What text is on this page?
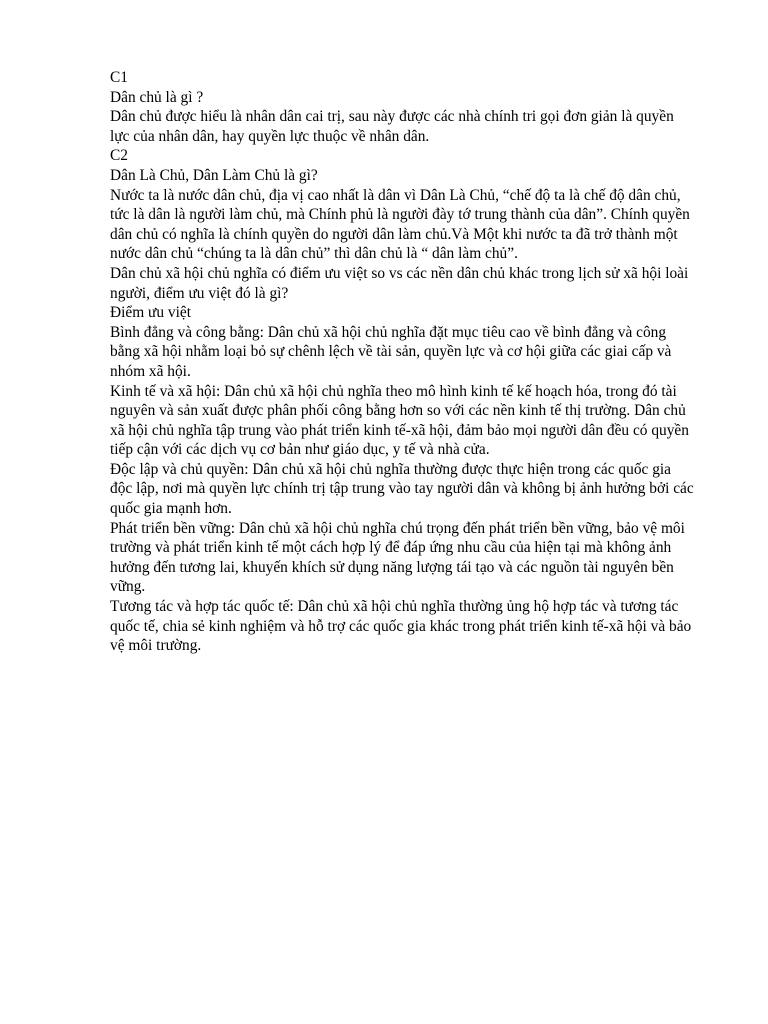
C1

Dân chủ là gì ?

Dân chủ được hiểu là nhân dân cai trị, sau này được các nhà chính tri gọi đơn giản là quyền lực của nhân dân, hay quyền lực thuộc về nhân dân.

C2

Dân Là Chủ, Dân Làm Chủ là gì?

Nước ta là nước dân chủ, địa vị cao nhất là dân vì Dân Là Chủ, “chế độ ta là chế độ dân chủ, tức là dân là người làm chủ, mà Chính phủ là người đày tớ trung thành của dân”. Chính quyền dân chủ có nghĩa là chính quyền do người dân làm chủ.Và Một khi nước ta đã trở thành một nước dân chủ “chúng ta là dân chủ” thì dân chủ là “ dân làm chủ”.

Dân chủ xã hội chủ nghĩa có điểm ưu việt so vs các nền dân chủ khác trong lịch sử xã hội loài người, điểm ưu việt đó là gì?

Điểm ưu việt

Bình đẳng và công bằng: Dân chủ xã hội chủ nghĩa đặt mục tiêu cao về bình đẳng và công bằng xã hội nhằm loại bỏ sự chênh lệch về tài sản, quyền lực và cơ hội giữa các giai cấp và nhóm xã hội.

Kinh tế và xã hội: Dân chủ xã hội chủ nghĩa theo mô hình kinh tế kế hoạch hóa, trong đó tài nguyên và sản xuất được phân phối công bằng hơn so với các nền kinh tế thị trường. Dân chủ xã hội chủ nghĩa tập trung vào phát triển kinh tế-xã hội, đảm bảo mọi người dân đều có quyền tiếp cận với các dịch vụ cơ bản như giáo dục, y tế và nhà cửa.

Độc lập và chủ quyền: Dân chủ xã hội chủ nghĩa thường được thực hiện trong các quốc gia độc lập, nơi mà quyền lực chính trị tập trung vào tay người dân và không bị ảnh hưởng bởi các quốc gia mạnh hơn.

Phát triển bền vững: Dân chủ xã hội chủ nghĩa chú trọng đến phát triển bền vững, bảo vệ môi trường và phát triển kinh tế một cách hợp lý để đáp ứng nhu cầu của hiện tại mà không ảnh hưởng đến tương lai, khuyến khích sử dụng năng lượng tái tạo và các nguồn tài nguyên bền vững.

Tương tác và hợp tác quốc tế: Dân chủ xã hội chủ nghĩa thường ủng hộ hợp tác và tương tác quốc tế, chia sẻ kinh nghiệm và hỗ trợ các quốc gia khác trong phát triển kinh tế-xã hội và bảo vệ môi trường.
